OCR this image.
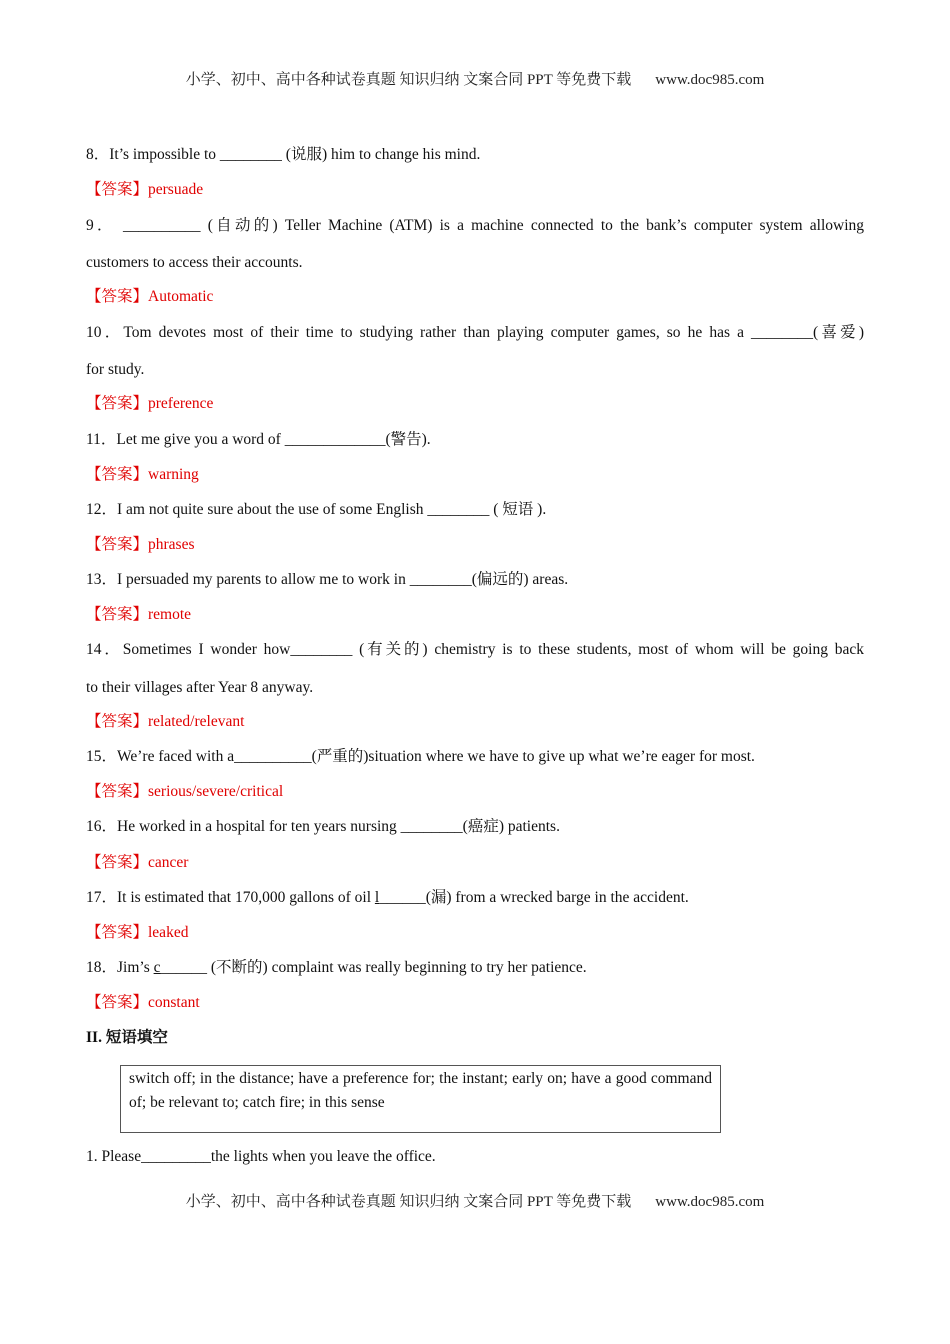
小学、初中、高中各种试卷真题 知识归纳 文案合同 PPT 等免费下载 www.doc985.com
8．It’s impossible to ________ (说服) him to change his mind.
【答案】persuade
9． __________ (自动的) Teller Machine (ATM) is a machine connected to the bank’s computer system allowing
customers to access their accounts.
【答案】Automatic
10．Tom devotes most of their time to studying rather than playing computer games, so he has a ________(喜爱)
for study.
【答案】preference
11．Let me give you a word of _____________(警告).
【答案】warning
12．I am not quite sure about the use of some English ________ ( 短语 ).
【答案】phrases
13．I persuaded my parents to allow me to work in ________(偏远的) areas.
【答案】remote
14．Sometimes I wonder how________ (有关的) chemistry is to these students, most of whom will be going back
to their villages after Year 8 anyway.
【答案】related/relevant
15．We’re faced with a__________(严重的)situation where we have to give up what we’re eager for most.
【答案】serious/severe/critical
16．He worked in a hospital for ten years nursing ________(癌症) patients.
【答案】cancer
17．It is estimated that 170,000 gallons of oil l______(漏) from a wrecked barge in the accident.
【答案】leaked
18．Jim’s c______ (不断的) complaint was really beginning to try her patience.
【答案】constant
II. 短语填空
1. Please_________the lights when you leave the office.
switch off; in the distance; have a preference for; the instant; early on; have a good command of; be relevant to; catch fire; in this sense
小学、初中、高中各种试卷真题 知识归纳 文案合同 PPT 等免费下载 www.doc985.com
